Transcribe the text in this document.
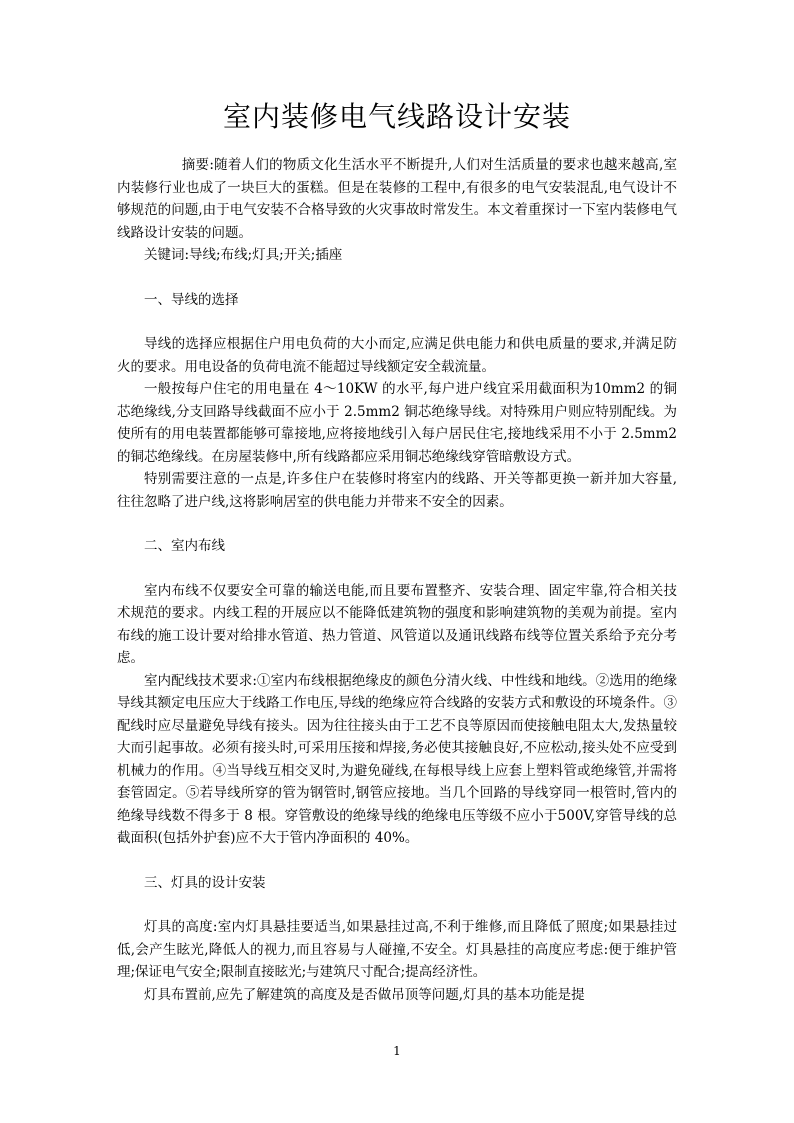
室内装修电气线路设计安装

摘要:随着人们的物质文化生活水平不断提升,人们对生活质量的要求也越来越高,室内装修行业也成了一块巨大的蛋糕。但是在装修的工程中,有很多的电气安装混乱,电气设计不够规范的问题,由于电气安装不合格导致的火灾事故时常发生。本文着重探讨一下室内装修电气线路设计安装的问题。

关键词:导线;布线;灯具;开关;插座

一、导线的选择

导线的选择应根据住户用电负荷的大小而定,应满足供电能力和供电质量的要求,并满足防火的要求。用电设备的负荷电流不能超过导线额定安全载流量。

一般按每户住宅的用电量在 4～10KW 的水平,每户进户线宜采用截面积为10mm2 的铜芯绝缘线,分支回路导线截面不应小于 2.5mm2 铜芯绝缘导线。对特殊用户则应特别配线。为使所有的用电装置都能够可靠接地,应将接地线引入每户居民住宅,接地线采用不小于 2.5mm2 的铜芯绝缘线。在房屋装修中,所有线路都应采用铜芯绝缘线穿管暗敷设方式。

特别需要注意的一点是,许多住户在装修时将室内的线路、开关等都更换一新并加大容量,往往忽略了进户线,这将影响居室的供电能力并带来不安全的因素。

二、室内布线

室内布线不仅要安全可靠的输送电能,而且要布置整齐、安装合理、固定牢靠,符合相关技术规范的要求。内线工程的开展应以不能降低建筑物的强度和影响建筑物的美观为前提。室内布线的施工设计要对给排水管道、热力管道、风管道以及通讯线路布线等位置关系给予充分考虑。

室内配线技术要求:①室内布线根据绝缘皮的颜色分清火线、中性线和地线。②选用的绝缘导线其额定电压应大于线路工作电压,导线的绝缘应符合线路的安装方式和敷设的环境条件。③配线时应尽量避免导线有接头。因为往往接头由于工艺不良等原因而使接触电阻太大,发热量较大而引起事故。必须有接头时,可采用压接和焊接,务必使其接触良好,不应松动,接头处不应受到机械力的作用。④当导线互相交叉时,为避免碰线,在每根导线上应套上塑料管或绝缘管,并需将套管固定。⑤若导线所穿的管为钢管时,钢管应接地。当几个回路的导线穿同一根管时,管内的绝缘导线数不得多于 8 根。穿管敷设的绝缘导线的绝缘电压等级不应小于500V,穿管导线的总截面积(包括外护套)应不大于管内净面积的 40%。

三、灯具的设计安装

灯具的高度:室内灯具悬挂要适当,如果悬挂过高,不利于维修,而且降低了照度;如果悬挂过低,会产生眩光,降低人的视力,而且容易与人碰撞,不安全。灯具悬挂的高度应考虑:便于维护管理;保证电气安全;限制直接眩光;与建筑尺寸配合;提高经济性。

灯具布置前,应先了解建筑的高度及是否做吊顶等问题,灯具的基本功能是提

1
